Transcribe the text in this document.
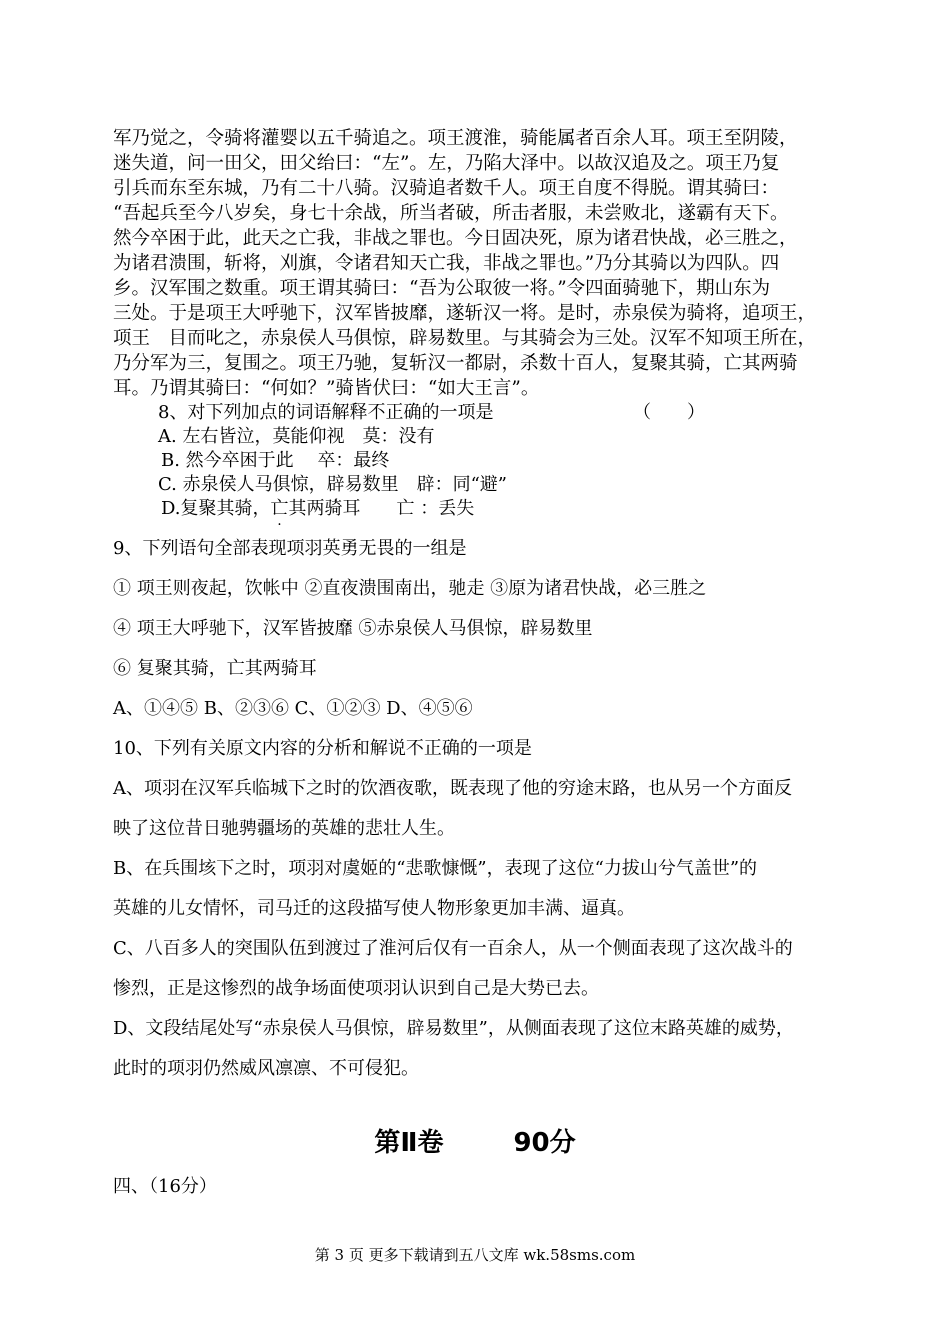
军乃觉之，令骑将灌婴以五千骑追之。项王渡淮，骑能属者百余人耳。项王至阴陵，
迷失道，问一田父，田父绐曰：“左”。左，乃陷大泽中。以故汉追及之。项王乃复
引兵而东至东城，乃有二十八骑。汉骑追者数千人。项王自度不得脱。谓其骑曰：
“吾起兵至今八岁矣，身七十余战，所当者破，所击者服，未尝败北，遂霸有天下。
然今卒困于此，此天之亡我，非战之罪也。今日固决死，原为诸君快战，必三胜之，
为诸君溃围，斩将，刈旗，令诸君知天亡我，非战之罪也。”乃分其骑以为四队。四
乡。汉军围之数重。项王谓其骑曰：“吾为公取彼一将。”令四面骑驰下，期山东为
三处。于是项王大呼驰下，汉军皆披靡，遂斩汉一将。是时，赤泉侯为骑将，追项王，
项王　目而叱之，赤泉侯人马俱惊，辟易数里。与其骑会为三处。汉军不知项王所在，
乃分军为三，复围之。项王乃驰，复斩汉一都尉，杀数十百人，复聚其骑，亡其两骑
耳。乃谓其骑曰：“何如？”骑皆伏曰：“如大王言”。
8、对下列加点的词语解释不正确的一项是	（　　）
A. 左右皆泣，莫能仰视　莫：没有
B. 然今卒困于此　 卒：最终
C. 赤泉侯人马俱惊，辟易数里　辟：同“避”
D.复聚其骑，亡其两骑耳　　亡 ：丢失
9、下列语句全部表现项羽英勇无畏的一组是
① 项王则夜起，饮帐中 ②直夜溃围南出，驰走 ③原为诸君快战，必三胜之
④ 项王大呼驰下，汉军皆披靡 ⑤赤泉侯人马俱惊，辟易数里
⑥ 复聚其骑，亡其两骑耳
A、①④⑤ B、②③⑥ C、①②③ D、④⑤⑥
10、下列有关原文内容的分析和解说不正确的一项是
A、项羽在汉军兵临城下之时的饮酒夜歌，既表现了他的穷途末路，也从另一个方面反
映了这位昔日驰骋疆场的英雄的悲壮人生。
B、在兵围垓下之时，项羽对虞姬的“悲歌慷慨”，表现了这位“力拔山兮气盖世”的
英雄的儿女情怀，司马迁的这段描写使人物形象更加丰满、逼真。
C、八百多人的突围队伍到渡过了淮河后仅有一百余人，从一个侧面表现了这次战斗的
惨烈，正是这惨烈的战争场面使项羽认识到自己是大势已去。
D、文段结尾处写“赤泉侯人马俱惊，辟易数里”，从侧面表现了这位末路英雄的威势，
此时的项羽仍然威风凛凛、不可侵犯。
第Ⅱ卷	90分
四、（16分）
第 3 页 更多下载请到五八文库 wk.58sms.com
